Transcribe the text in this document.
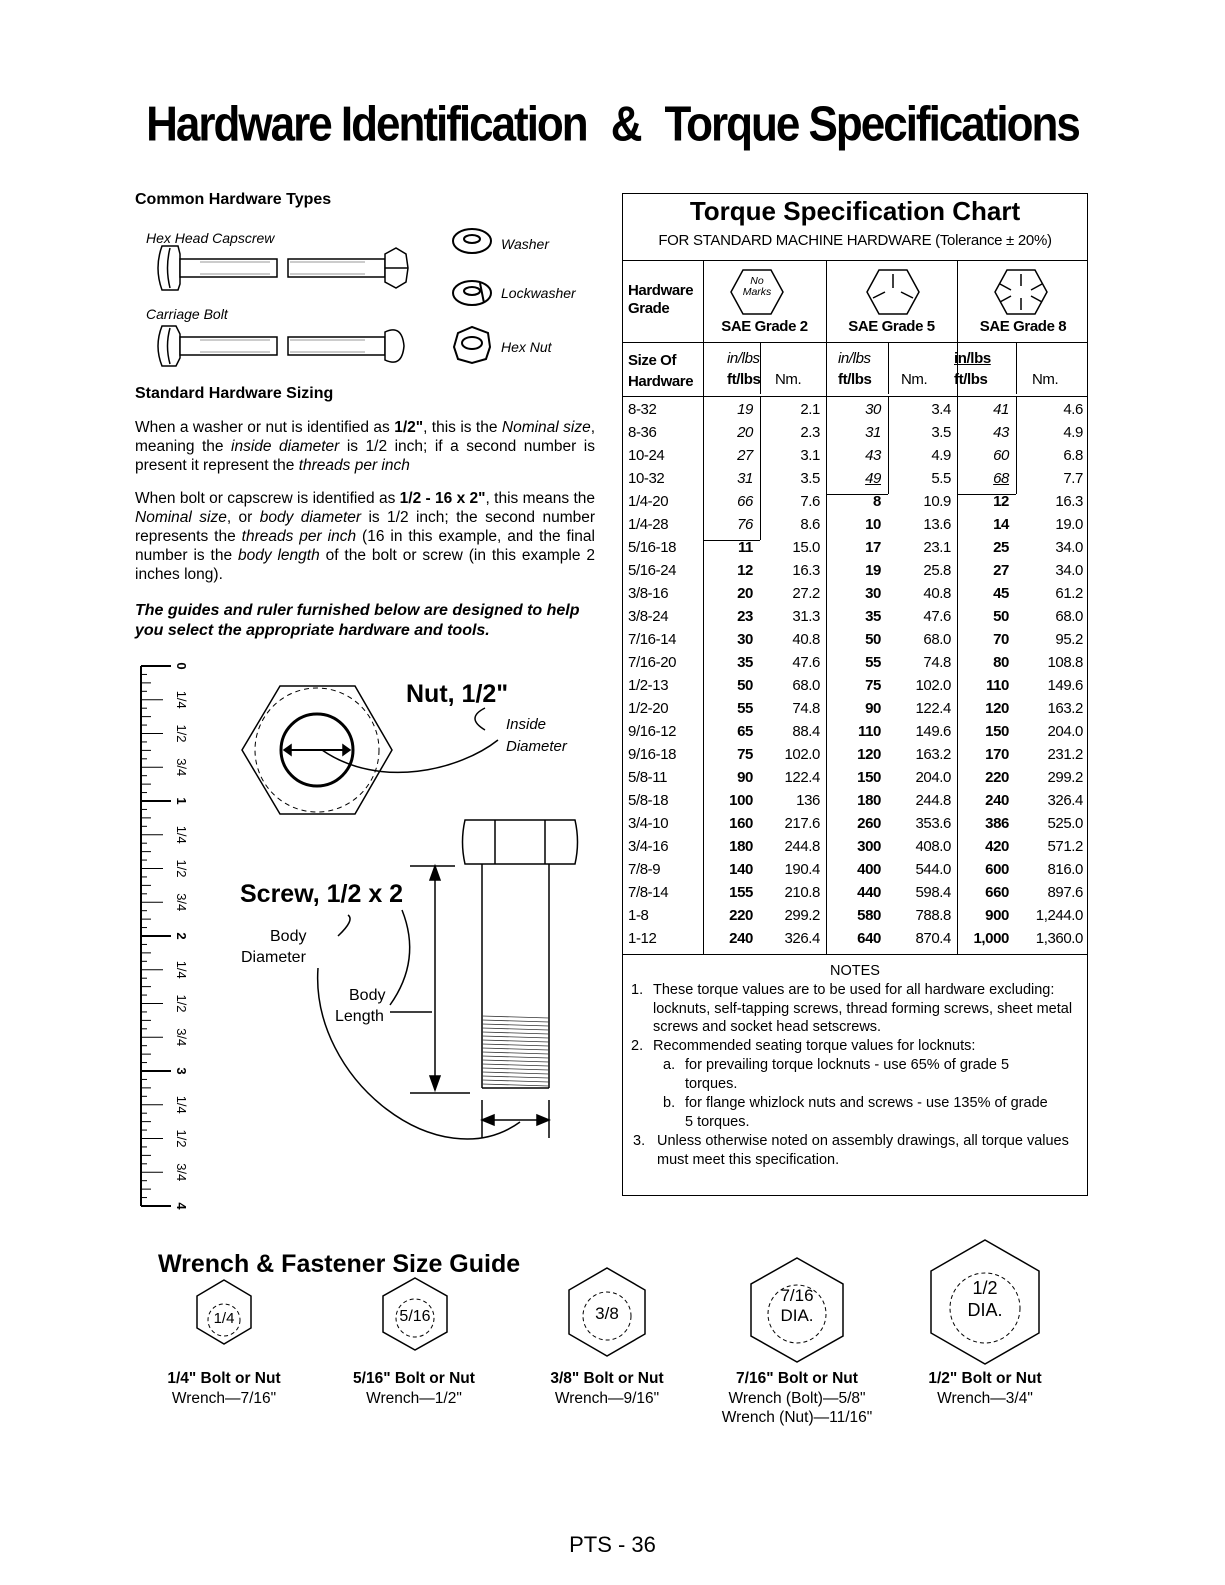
Hardware Identification & Torque Specifications
Common Hardware Types
Hex Head Capscrew
Carriage Bolt
Washer
Lockwasher
Hex Nut
Standard Hardware Sizing
When a washer or nut is identified as 1/2", this is the Nominal size, meaning the inside diameter is 1/2 inch; if a second number is present it represent the threads per inch
When bolt or capscrew is identified as 1/2 - 16 x 2", this means the Nominal size, or body diameter is 1/2 inch; the second number represents the threads per inch (16 in this example, and the final number is the body length of the bolt or screw (in this example 2 inches long).
The guides and ruler furnished below are designed to help you select the appropriate hardware and tools.
0
1/4
1/2
3/4
1
1/4
1/2
3/4
2
1/4
1/2
3/4
3
1/4
1/2
3/4
4
Nut, 1/2"
Inside
Diameter
Screw, 1/2 x 2
Body
Diameter
Body
Length
Torque Specification Chart
FOR STANDARD MACHINE HARDWARE (Tolerance ± 20%)
Hardware
Grade
No
Marks
SAE Grade 2	SAE Grade 5	SAE Grade 8
Size Of
Hardware
in/lbs
ft/lbs Nm.
in/lbs
ft/lbs Nm.
in/lbs
ft/lbs	Nm.
8-32	19	2.1	30	3.4	41	4.6
8-36	20	2.3	31	3.5	43	4.9
10-24	27	3.1	43	4.9	60	6.8
10-32	31	3.5	49	5.5	68	7.7
1/4-20	66	7.6	8	10.9	12	16.3
1/4-28	76	8.6	10	13.6	14	19.0
5/16-18	11	15.0	17	23.1	25	34.0
5/16-24	12	16.3	19	25.8	27	34.0
3/8-16	20	27.2	30	40.8	45	61.2
3/8-24	23	31.3	35	47.6	50	68.0
7/16-14	30	40.8	50	68.0	70	95.2
7/16-20	35	47.6	55	74.8	80	108.8
1/2-13	50	68.0	75	102.0	110	149.6
1/2-20	55	74.8	90	122.4	120	163.2
9/16-12	65	88.4	110	149.6	150	204.0
9/16-18	75	102.0	120	163.2	170	231.2
5/8-11	90	122.4	150	204.0	220	299.2
5/8-18	100	136	180	244.8	240	326.4
3/4-10	160	217.6	260	353.6	386	525.0
3/4-16	180	244.8	300	408.0	420	571.2
7/8-9	140	190.4	400	544.0	600	816.0
7/8-14	155	210.8	440	598.4	660	897.6
1-8	220	299.2	580	788.8	900	1,244.0
1-12	240	326.4	640	870.4	1,000	1,360.0
NOTES
1. These torque values are to be used for all hardware excluding: locknuts, self-tapping screws, thread forming screws, sheet metal screws and socket head setscrews.
2. Recommended seating torque values for locknuts:
a. for prevailing torque locknuts - use 65% of grade 5 torques.
b. for flange whizlock nuts and screws - use 135% of grade 5 torques.
3. Unless otherwise noted on assembly drawings, all torque values must meet this specification.
Wrench & Fastener Size Guide
1/4	5/16	3/8
7/16
DIA.
1/2
DIA.
1/4" Bolt or Nut
Wrench—7/16"
5/16" Bolt or Nut
Wrench—1/2"
3/8" Bolt or Nut
Wrench—9/16"
7/16" Bolt or Nut
Wrench (Bolt)—5/8"
Wrench (Nut)—11/16"
1/2" Bolt or Nut
Wrench—3/4"
PTS - 36
